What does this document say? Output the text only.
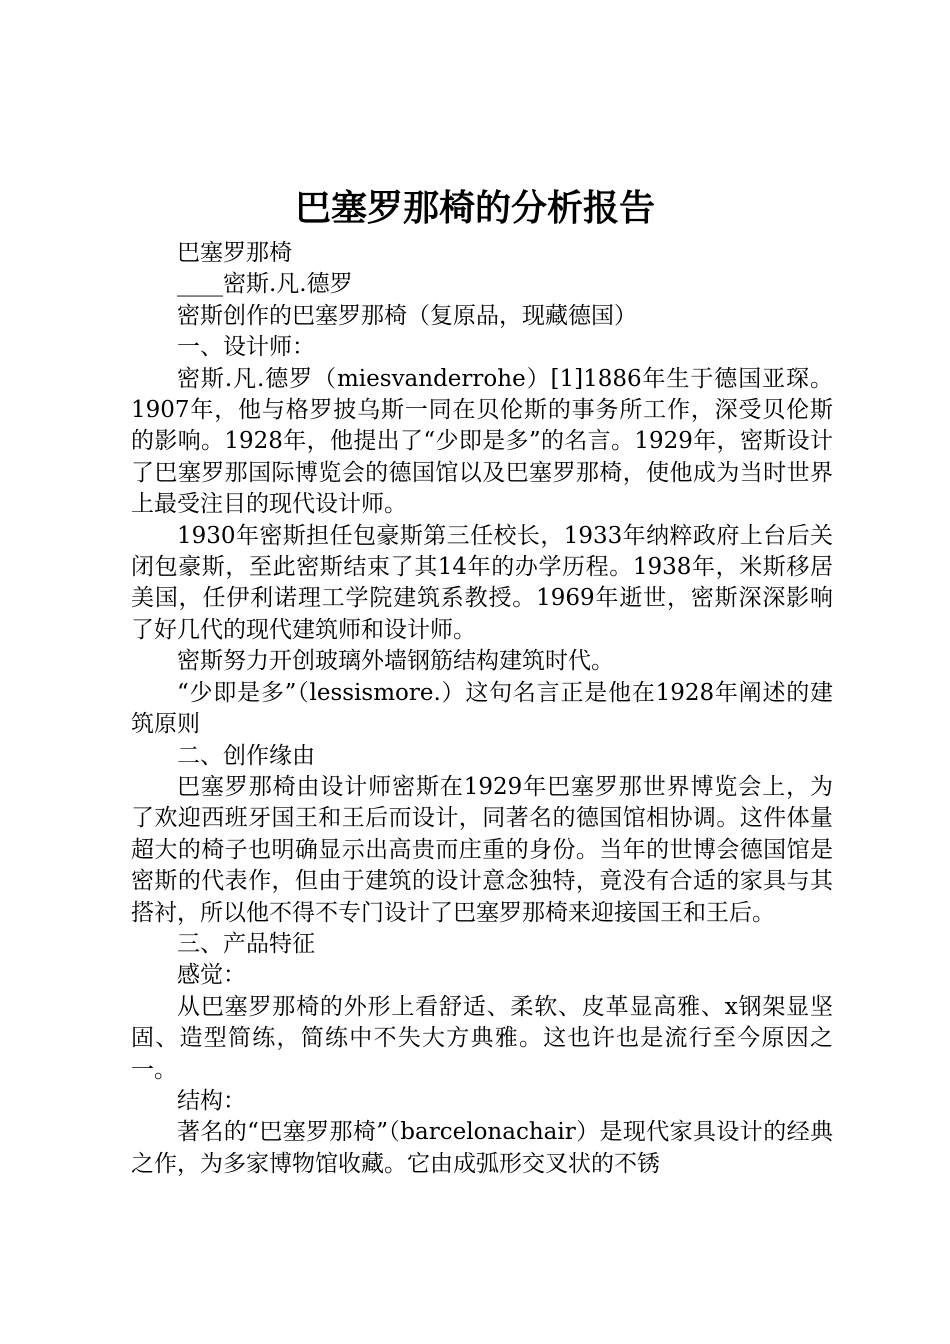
巴塞罗那椅的分析报告

巴塞罗那椅

____密斯.凡.德罗

密斯创作的巴塞罗那椅（复原品，现藏德国）

一、设计师：

密斯.凡.德罗（miesvanderrohe）[1]1886年生于德国亚琛。1907年，他与格罗披乌斯一同在贝伦斯的事务所工作，深受贝伦斯的影响。1928年，他提出了“少即是多”的名言。1929年，密斯设计了巴塞罗那国际博览会的德国馆以及巴塞罗那椅，使他成为当时世界上最受注目的现代设计师。

1930年密斯担任包豪斯第三任校长，1933年纳粹政府上台后关闭包豪斯，至此密斯结束了其14年的办学历程。1938年，米斯移居美国，任伊利诺理工学院建筑系教授。1969年逝世，密斯深深影响了好几代的现代建筑师和设计师。

密斯努力开创玻璃外墙钢筋结构建筑时代。

“少即是多”（lessismore.）这句名言正是他在1928年阐述的建筑原则

二、创作缘由

巴塞罗那椅由设计师密斯在1929年巴塞罗那世界博览会上，为了欢迎西班牙国王和王后而设计，同著名的德国馆相协调。这件体量超大的椅子也明确显示出高贵而庄重的身份。当年的世博会德国馆是密斯的代表作，但由于建筑的设计意念独特，竟没有合适的家具与其搭衬，所以他不得不专门设计了巴塞罗那椅来迎接国王和王后。

三、产品特征

感觉：

从巴塞罗那椅的外形上看舒适、柔软、皮革显高雅、x钢架显坚固、造型简练，简练中不失大方典雅。这也许也是流行至今原因之一。

结构：

著名的“巴塞罗那椅”（barcelonachair）是现代家具设计的经典之作，为多家博物馆收藏。它由成弧形交叉状的不锈
